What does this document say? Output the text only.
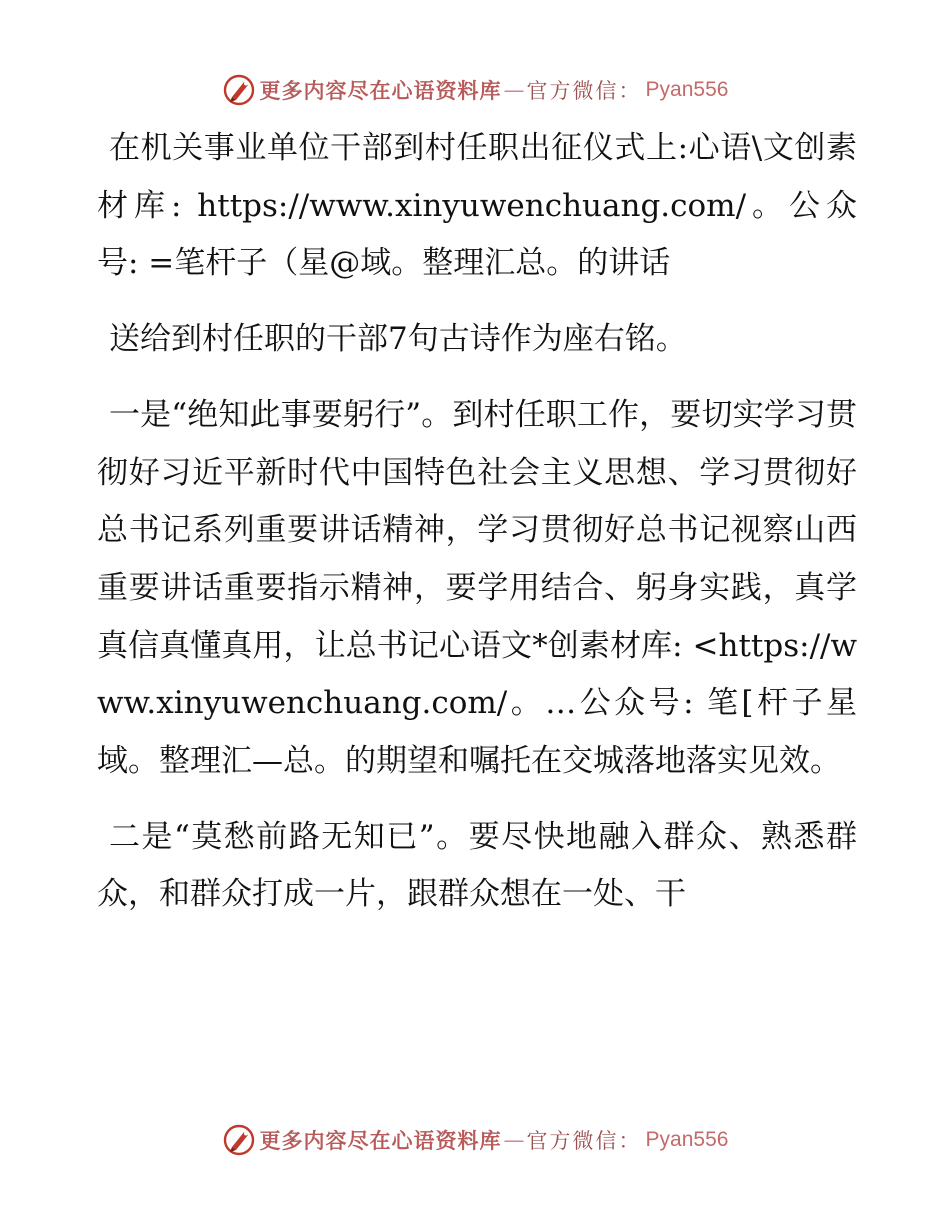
更多内容尽在心语资料库 — 官方微信： Pyan556

在机关事业单位干部到村任职出征仪式上:心语\文创素材库: https://www.xinyuwenchuang.com/。公众号: =笔杆子（星@域。整理汇总。的讲话

送给到村任职的干部7句古诗作为座右铭。

一是“绝知此事要躬行”。到村任职工作，要切实学习贯彻好习近平新时代中国特色社会主义思想、学习贯彻好总书记系列重要讲话精神，学习贯彻好总书记视察山西重要讲话重要指示精神，要学用结合、躬身实践，真学真信真懂真用，让总书记心语文*创素材库: <https://www.xinyuwenchuang.com/。…公众号: 笔[杆子星域。整理汇—总。的期望和嘱托在交城落地落实见效。

二是“莫愁前路无知已”。要尽快地融入群众、熟悉群众，和群众打成一片，跟群众想在一处、干

更多内容尽在心语资料库 — 官方微信： Pyan556
